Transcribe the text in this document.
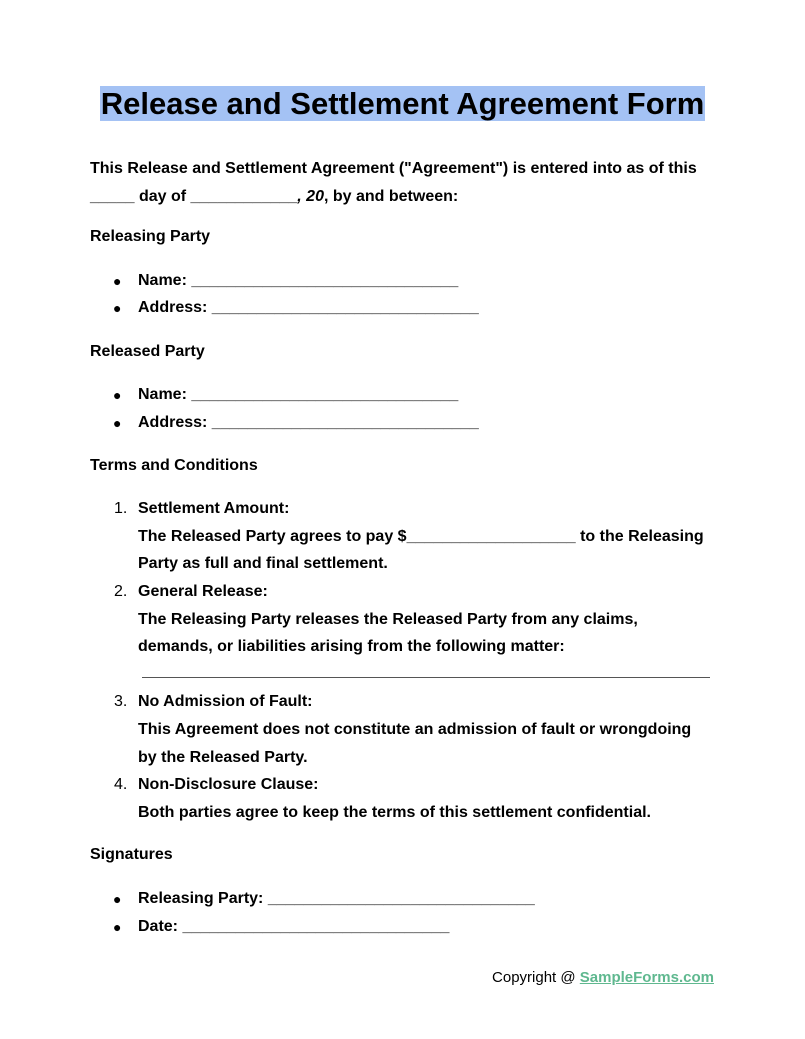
Release and Settlement Agreement Form
This Release and Settlement Agreement ("Agreement") is entered into as of this _____ day of ____________, 20, by and between:
Releasing Party
● Name: ______________________________
● Address: ______________________________
Released Party
● Name: ______________________________
● Address: ______________________________
Terms and Conditions
1. Settlement Amount:
The Released Party agrees to pay $___________________ to the Releasing
Party as full and final settlement.
2. General Release:
The Releasing Party releases the Released Party from any claims,
demands, or liabilities arising from the following matter:
3. No Admission of Fault:
This Agreement does not constitute an admission of fault or wrongdoing
by the Released Party.
4. Non-Disclosure Clause:
Both parties agree to keep the terms of this settlement confidential.
Signatures
● Releasing Party: ______________________________
● Date: ______________________________
Copyright @ SampleForms.com
